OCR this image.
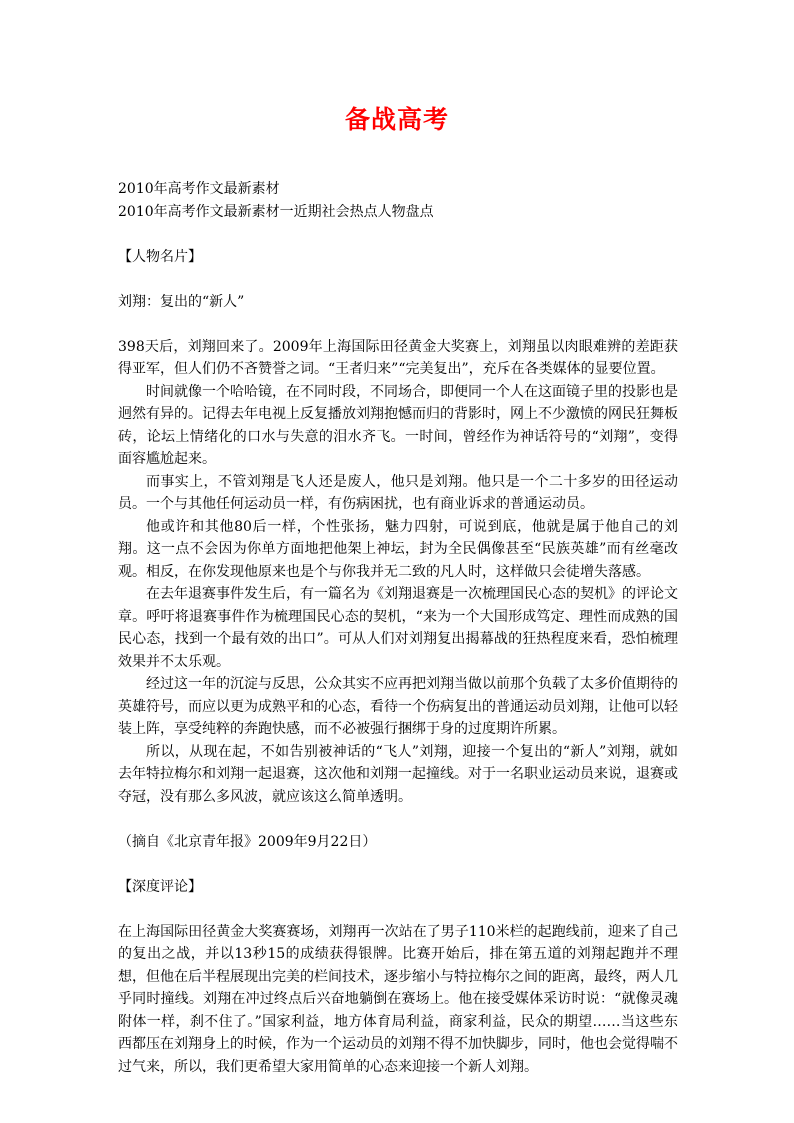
备战高考

2010年高考作文最新素材

2010年高考作文最新素材一近期社会热点人物盘点

【人物名片】

刘翔：复出的“新人”

398天后，刘翔回来了。2009年上海国际田径黄金大奖赛上，刘翔虽以肉眼难辨的差距获得亚军，但人们仍不吝赞誉之词。“王者归来”“完美复出”，充斥在各类媒体的显要位置。

时间就像一个哈哈镜，在不同时段，不同场合，即便同一个人在这面镜子里的投影也是迥然有异的。记得去年电视上反复播放刘翔抱憾而归的背影时，网上不少激愤的网民狂舞板砖，论坛上情绪化的口水与失意的泪水齐飞。一时间，曾经作为神话符号的“刘翔”，变得面容尴尬起来。

而事实上，不管刘翔是飞人还是废人，他只是刘翔。他只是一个二十多岁的田径运动员。一个与其他任何运动员一样，有伤病困扰，也有商业诉求的普通运动员。

他或许和其他80后一样，个性张扬，魅力四射，可说到底，他就是属于他自己的刘翔。这一点不会因为你单方面地把他架上神坛，封为全民偶像甚至“民族英雄”而有丝毫改观。相反，在你发现他原来也是个与你我并无二致的凡人时，这样做只会徒增失落感。

在去年退赛事件发生后，有一篇名为《刘翔退赛是一次梳理国民心态的契机》的评论文章。呼吁将退赛事件作为梳理国民心态的契机，“来为一个大国形成笃定、理性而成熟的国民心态，找到一个最有效的出口”。可从人们对刘翔复出揭幕战的狂热程度来看，恐怕梳理效果并不太乐观。

经过这一年的沉淀与反思，公众其实不应再把刘翔当做以前那个负载了太多价值期待的英雄符号，而应以更为成熟平和的心态，看待一个伤病复出的普通运动员刘翔，让他可以轻装上阵，享受纯粹的奔跑快感，而不必被强行捆绑于身的过度期许所累。

所以，从现在起，不如告别被神话的“飞人”刘翔，迎接一个复出的“新人”刘翔，就如去年特拉梅尔和刘翔一起退赛，这次他和刘翔一起撞线。对于一名职业运动员来说，退赛或夺冠，没有那么多风波，就应该这么简单透明。

（摘自《北京青年报》2009年9月22日）

【深度评论】

在上海国际田径黄金大奖赛赛场，刘翔再一次站在了男子110米栏的起跑线前，迎来了自己的复出之战，并以13秒15的成绩获得银牌。比赛开始后，排在第五道的刘翔起跑并不理想，但他在后半程展现出完美的栏间技术，逐步缩小与特拉梅尔之间的距离，最终，两人几乎同时撞线。刘翔在冲过终点后兴奋地躺倒在赛场上。他在接受媒体采访时说：“就像灵魂附体一样，刹不住了。”国家利益，地方体育局利益，商家利益，民众的期望……当这些东西都压在刘翔身上的时候，作为一个运动员的刘翔不得不加快脚步，同时，他也会觉得喘不过气来，所以，我们更希望大家用简单的心态来迎接一个新人刘翔。
